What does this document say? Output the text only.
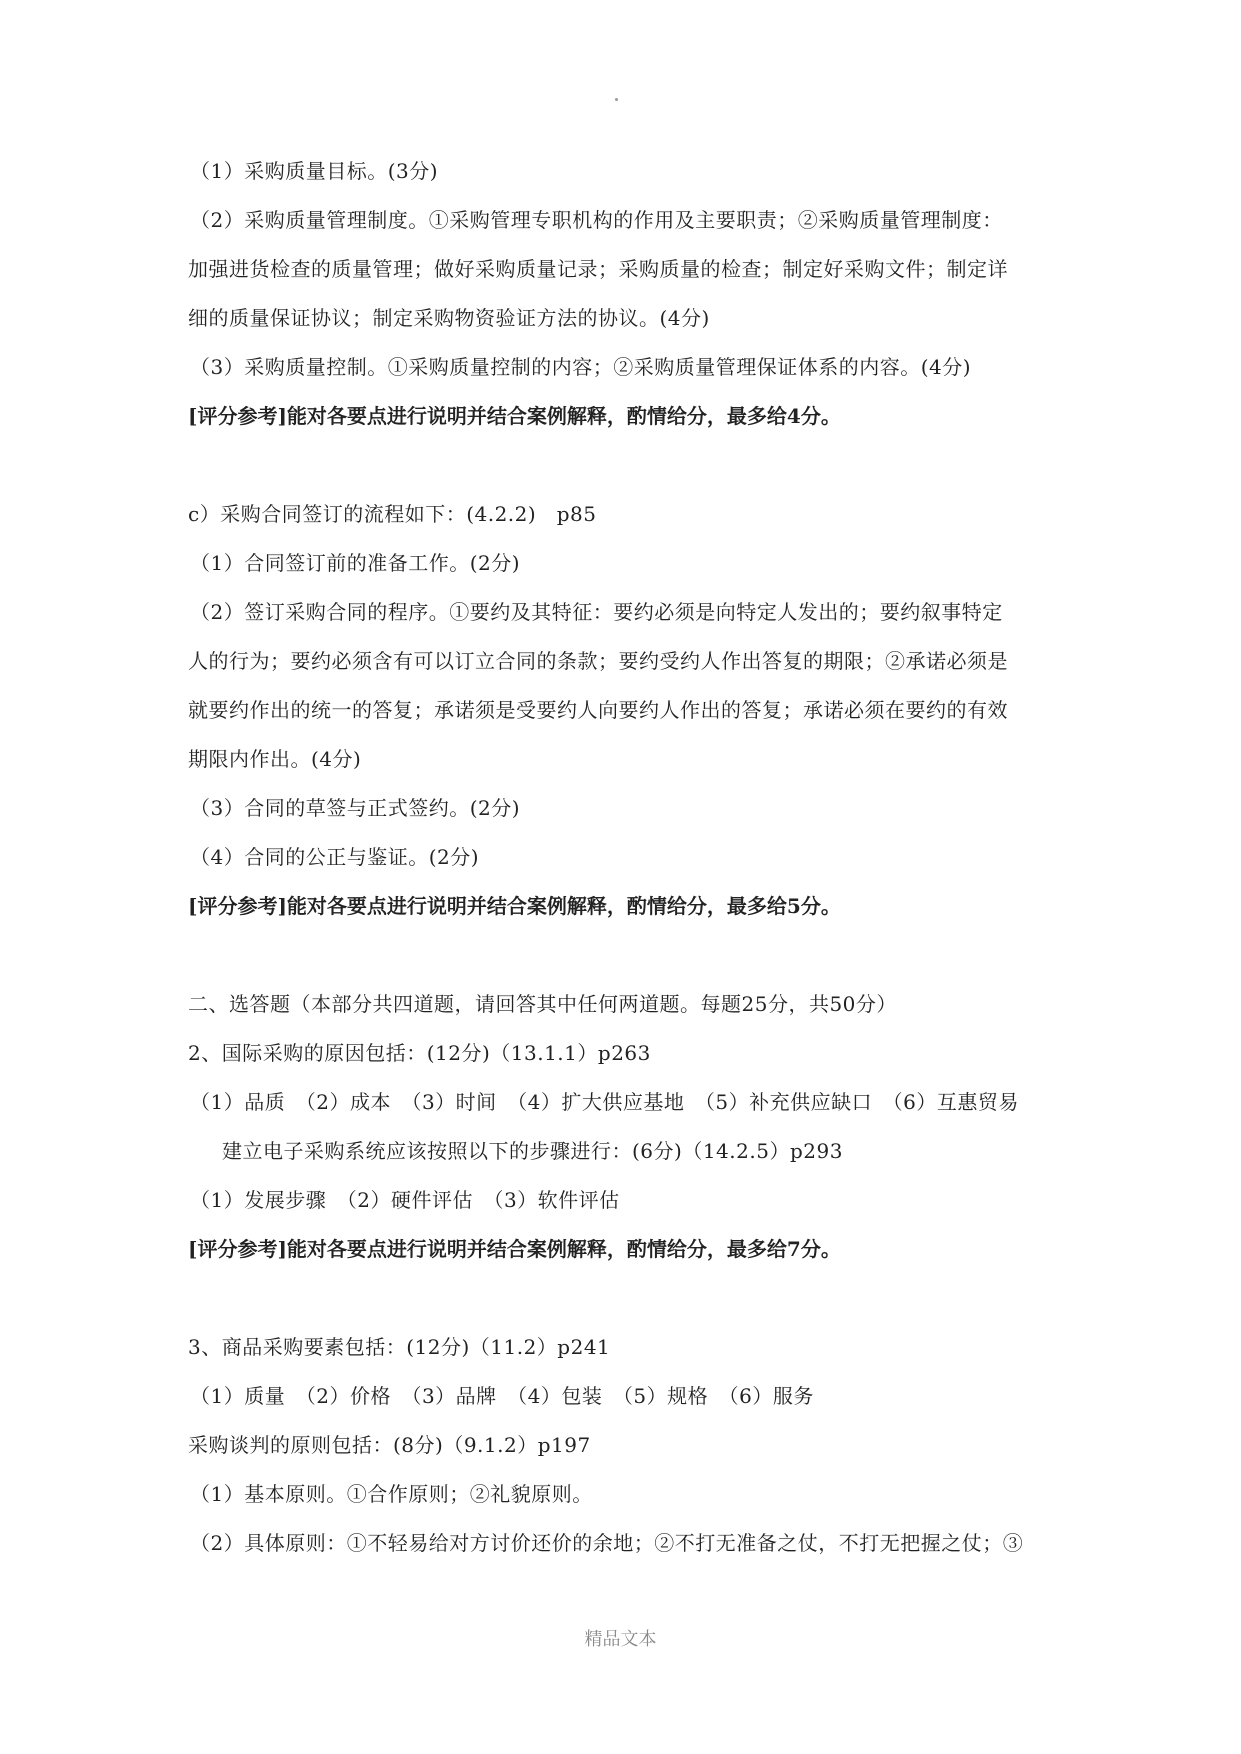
（1）采购质量目标。(3分)
（2）采购质量管理制度。①采购管理专职机构的作用及主要职责；②采购质量管理制度：
加强进货检查的质量管理；做好采购质量记录；采购质量的检查；制定好采购文件；制定详
细的质量保证协议；制定采购物资验证方法的协议。(4分)
（3）采购质量控制。①采购质量控制的内容；②采购质量管理保证体系的内容。(4分)
[评分参考]能对各要点进行说明并结合案例解释，酌情给分，最多给4分。
c）采购合同签订的流程如下：(4.2.2)　p85
（1）合同签订前的准备工作。(2分)
（2）签订采购合同的程序。①要约及其特征：要约必须是向特定人发出的；要约叙事特定
人的行为；要约必须含有可以订立合同的条款；要约受约人作出答复的期限；②承诺必须是
就要约作出的统一的答复；承诺须是受要约人向要约人作出的答复；承诺必须在要约的有效
期限内作出。(4分)
（3）合同的草签与正式签约。(2分)
（4）合同的公正与鉴证。(2分)
[评分参考]能对各要点进行说明并结合案例解释，酌情给分，最多给5分。
二、选答题（本部分共四道题，请回答其中任何两道题。每题25分，共50分）
2、国际采购的原因包括：(12分)（13.1.1）p263
（1）品质　（2）成本　（3）时间　（4）扩大供应基地　（5）补充供应缺口　（6）互惠贸易
建立电子采购系统应该按照以下的步骤进行：(6分)（14.2.5）p293
（1）发展步骤　（2）硬件评估　（3）软件评估
[评分参考]能对各要点进行说明并结合案例解释，酌情给分，最多给7分。
3、商品采购要素包括：(12分)（11.2）p241
（1）质量　（2）价格　（3）品牌　（4）包装　（5）规格　（6）服务
采购谈判的原则包括：(8分)（9.1.2）p197
（1）基本原则。①合作原则；②礼貌原则。
（2）具体原则：①不轻易给对方讨价还价的余地；②不打无准备之仗，不打无把握之仗；③
精品文本
